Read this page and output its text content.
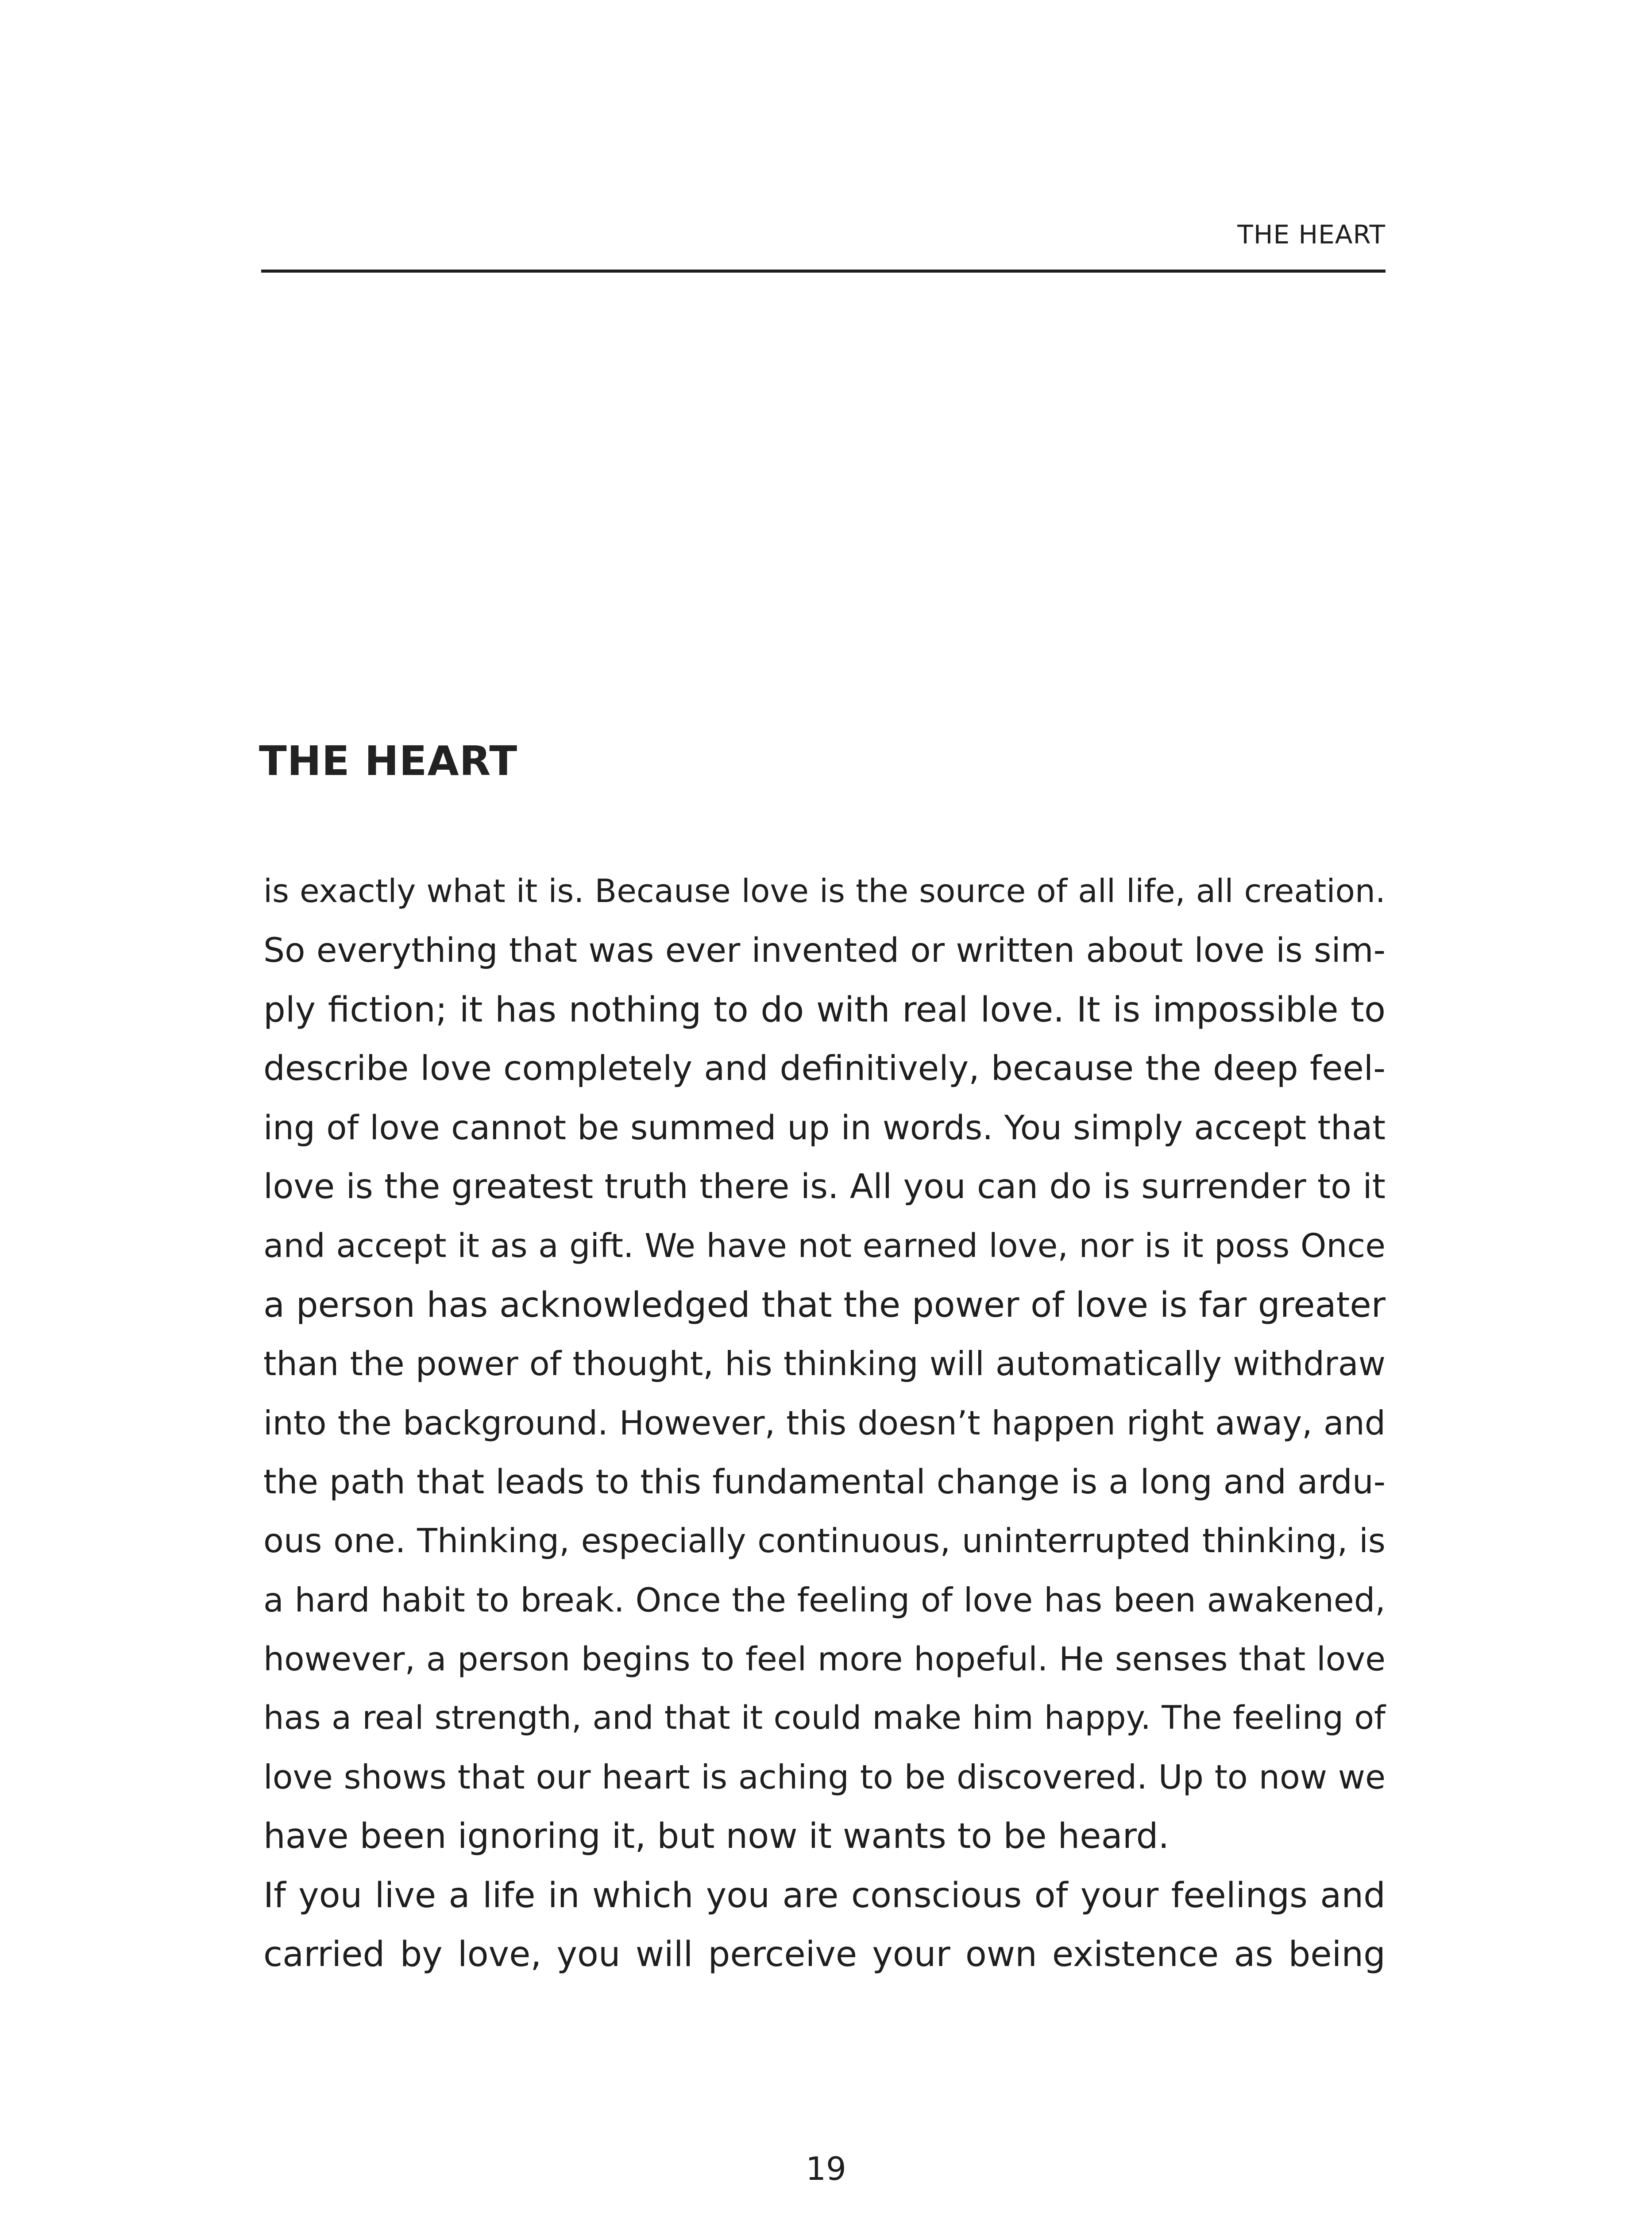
THE HEART
THE HEART
is exactly what it is. Because love is the source of all life, all creation.
So everything that was ever invented or written about love is sim-
ply fiction; it has nothing to do with real love. It is impossible to
describe love completely and definitively, because the deep feel-
ing of love cannot be summed up in words. You simply accept that
love is the greatest truth there is. All you can do is surrender to it
and accept it as a gift. We have not earned love, nor is it poss Once
a person has acknowledged that the power of love is far greater
than the power of thought, his thinking will automatically withdraw
into the background. However, this doesn’t happen right away, and
the path that leads to this fundamental change is a long and ardu-
ous one. Thinking, especially continuous, uninterrupted thinking, is
a hard habit to break. Once the feeling of love has been awakened,
however, a person begins to feel more hopeful. He senses that love
has a real strength, and that it could make him happy. The feeling of
love shows that our heart is aching to be discovered. Up to now we
have been ignoring it, but now it wants to be heard.
If you live a life in which you are conscious of your feelings and
carried by love, you will perceive your own existence as being
19
